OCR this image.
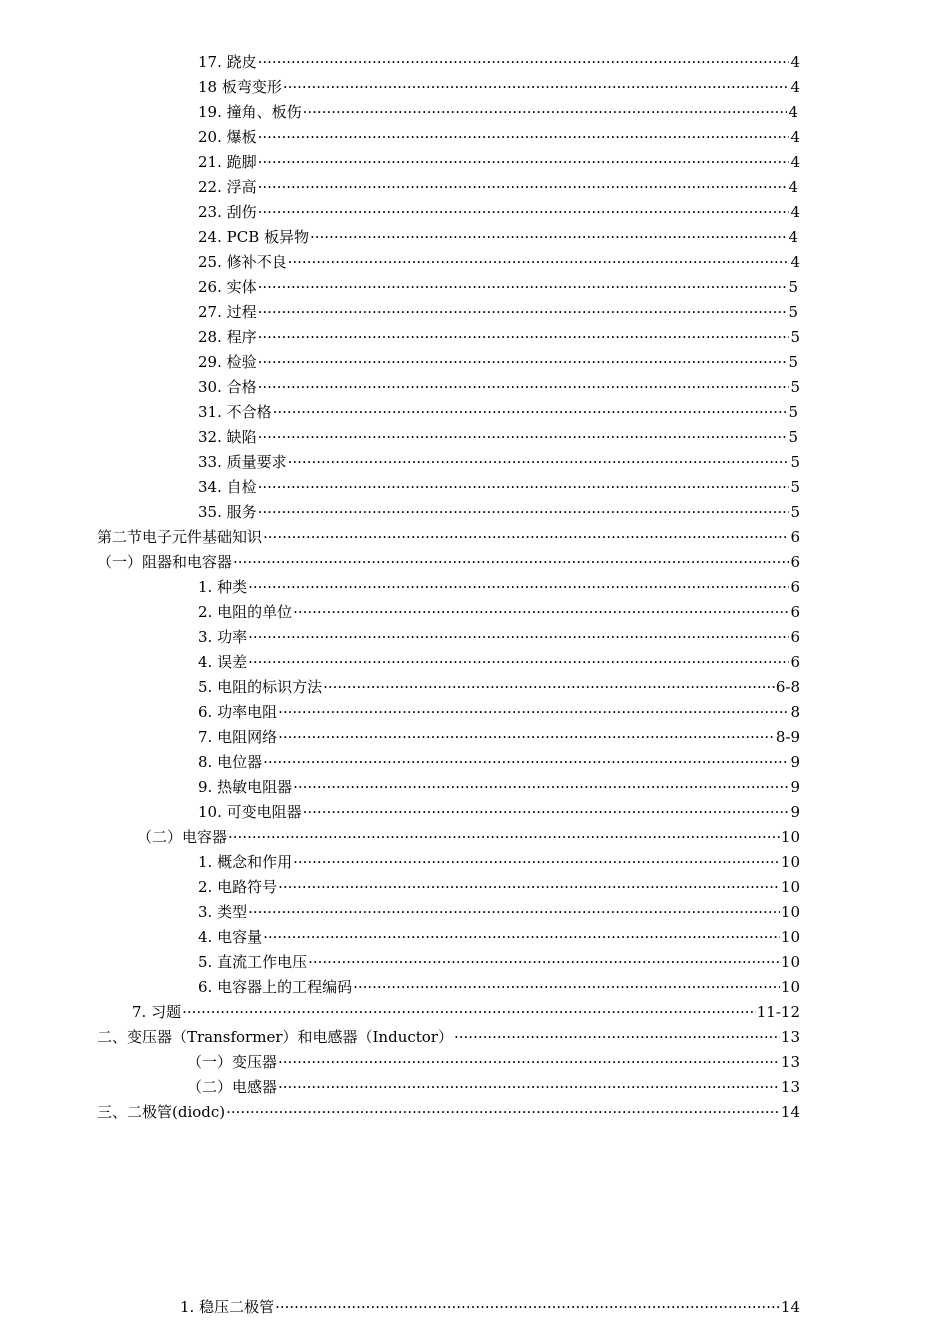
17. 跷皮 ·····	4
18 板弯变形 ·····	4
19. 撞角、板伤 ·····	4
20. 爆板 ·····	4
21. 跪脚 ·····	4
22. 浮高 ·····	4
23. 刮伤 ·····	4
24. PCB 板异物 ·····	4
25. 修补不良 ·····	4
26. 实体 ·····	5
27. 过程 ·····	5
28. 程序 ·····	5
29. 检验 ·····	5
30. 合格 ·····	5
31. 不合格 ·····	5
32. 缺陷 ·····	5
33. 质量要求 ·····	5
34. 自检 ·····	5
35. 服务 ·····	5
第二节电子元件基础知识 ·····	6
（一）阻器和电容器 ·····	6
1. 种类 ·····	6
2. 电阻的单位 ·····	6
3. 功率 ·····	6
4. 误差 ·····	6
5. 电阻的标识方法 ·····	6-8
6. 功率电阻 ·····	8
7. 电阻网络 ·····	8-9
8. 电位器 ·····	9
9. 热敏电阻器 ·····	9
10. 可变电阻器 ·····	9
（二）电容器 ·····	10
1. 概念和作用 ·····	10
2. 电路符号 ·····	10
3. 类型 ·····	10
4. 电容量 ·····	10
5. 直流工作电压 ·····	10
6. 电容器上的工程编码 ·····	10
7. 习题 ·····	11-12
二、变压器（Transformer）和电感器（Inductor） ·····	13
（一）变压器 ·····	13
（二）电感器 ·····	13
三、二极管(diodc) ·····	14
1. 稳压二极管 ·····	14
